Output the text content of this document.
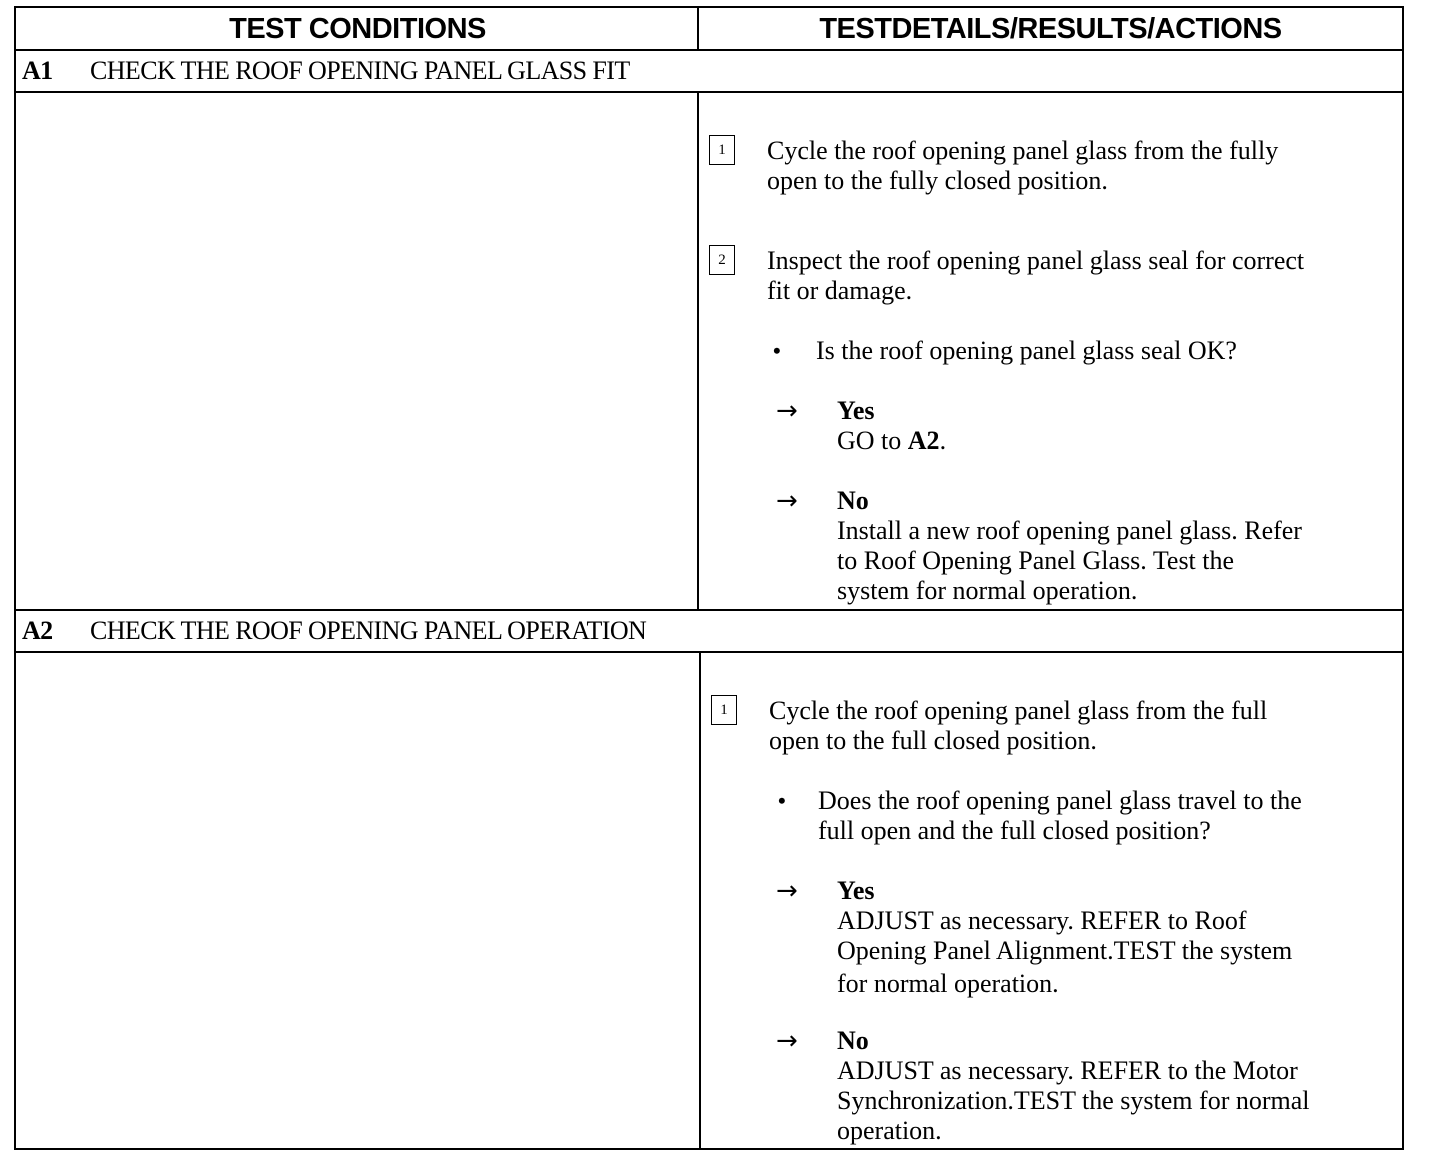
TEST CONDITIONS	TESTDETAILS/RESULTS/ACTIONS
A1 CHECK THE ROOF OPENING PANEL GLASS FIT
1	Cycle the roof opening panel glass from the fully
open to the fully closed position.
2	Inspect the roof opening panel glass seal for correct
fit or damage.
• Is the roof opening panel glass seal OK?
→ Yes
GO to A2.
→ No
Install a new roof opening panel glass. Refer
to Roof Opening Panel Glass. Test the
system for normal operation.
A2 CHECK THE ROOF OPENING PANEL OPERATION
1	Cycle the roof opening panel glass from the full
open to the full closed position.
• Does the roof opening panel glass travel to the
full open and the full closed position?
→ Yes
ADJUST as necessary. REFER to Roof
Opening Panel Alignment.TEST the system
for normal operation.
→ No
ADJUST as necessary. REFER to the Motor
Synchronization.TEST the system for normal
operation.
